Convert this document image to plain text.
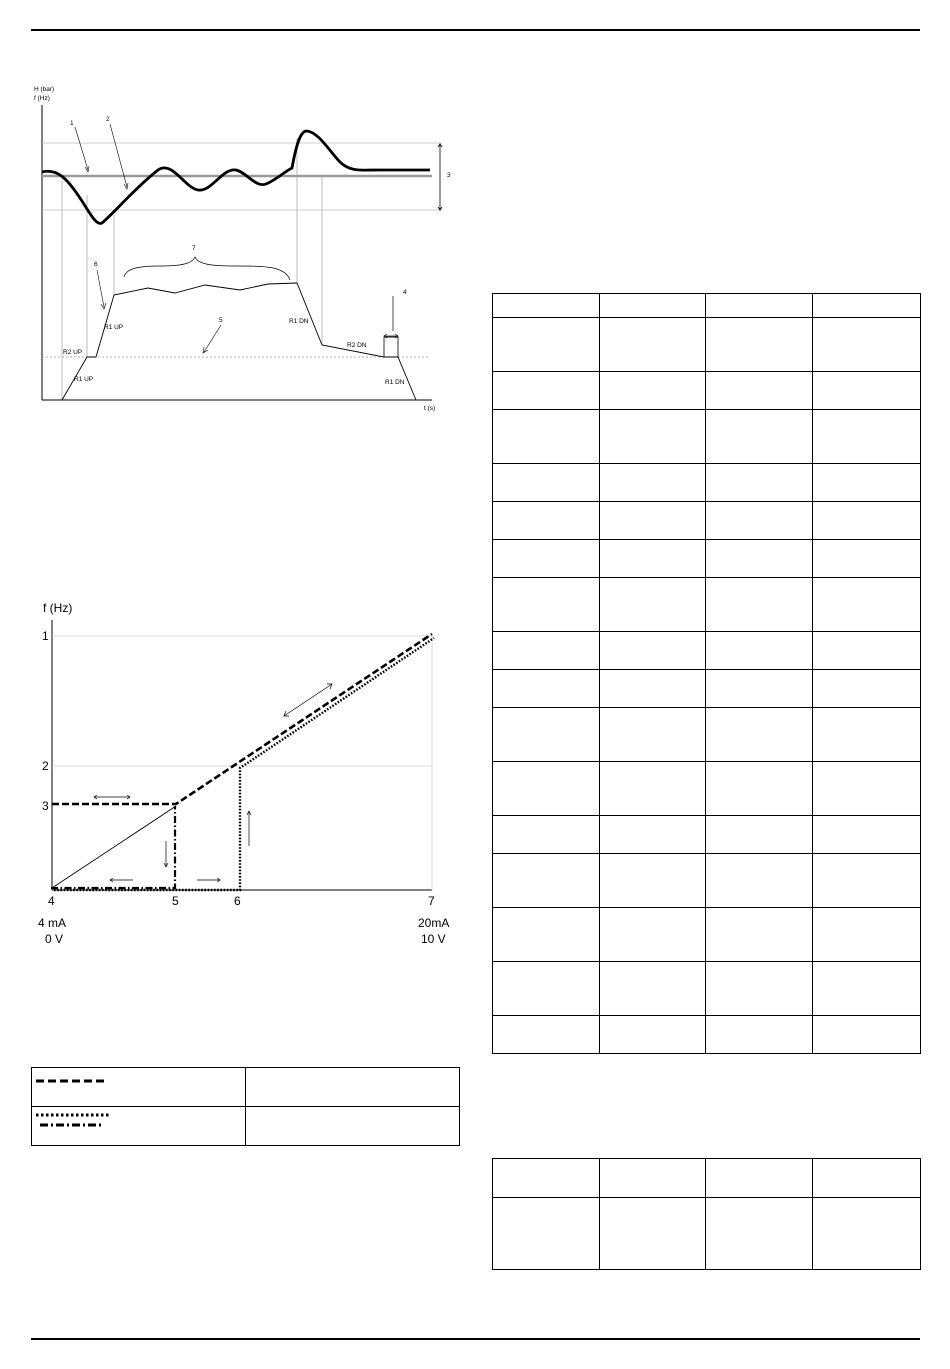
H (bar)
f (Hz)
t (s)
1
2
3
4
5
6
7
R2 UP
R1 UP
R1 UP
R1 DN
R2 DN
R1 DN
f (Hz)
1
2
3
4	5	6	7
4 mA
0 V
20mA
10 V
